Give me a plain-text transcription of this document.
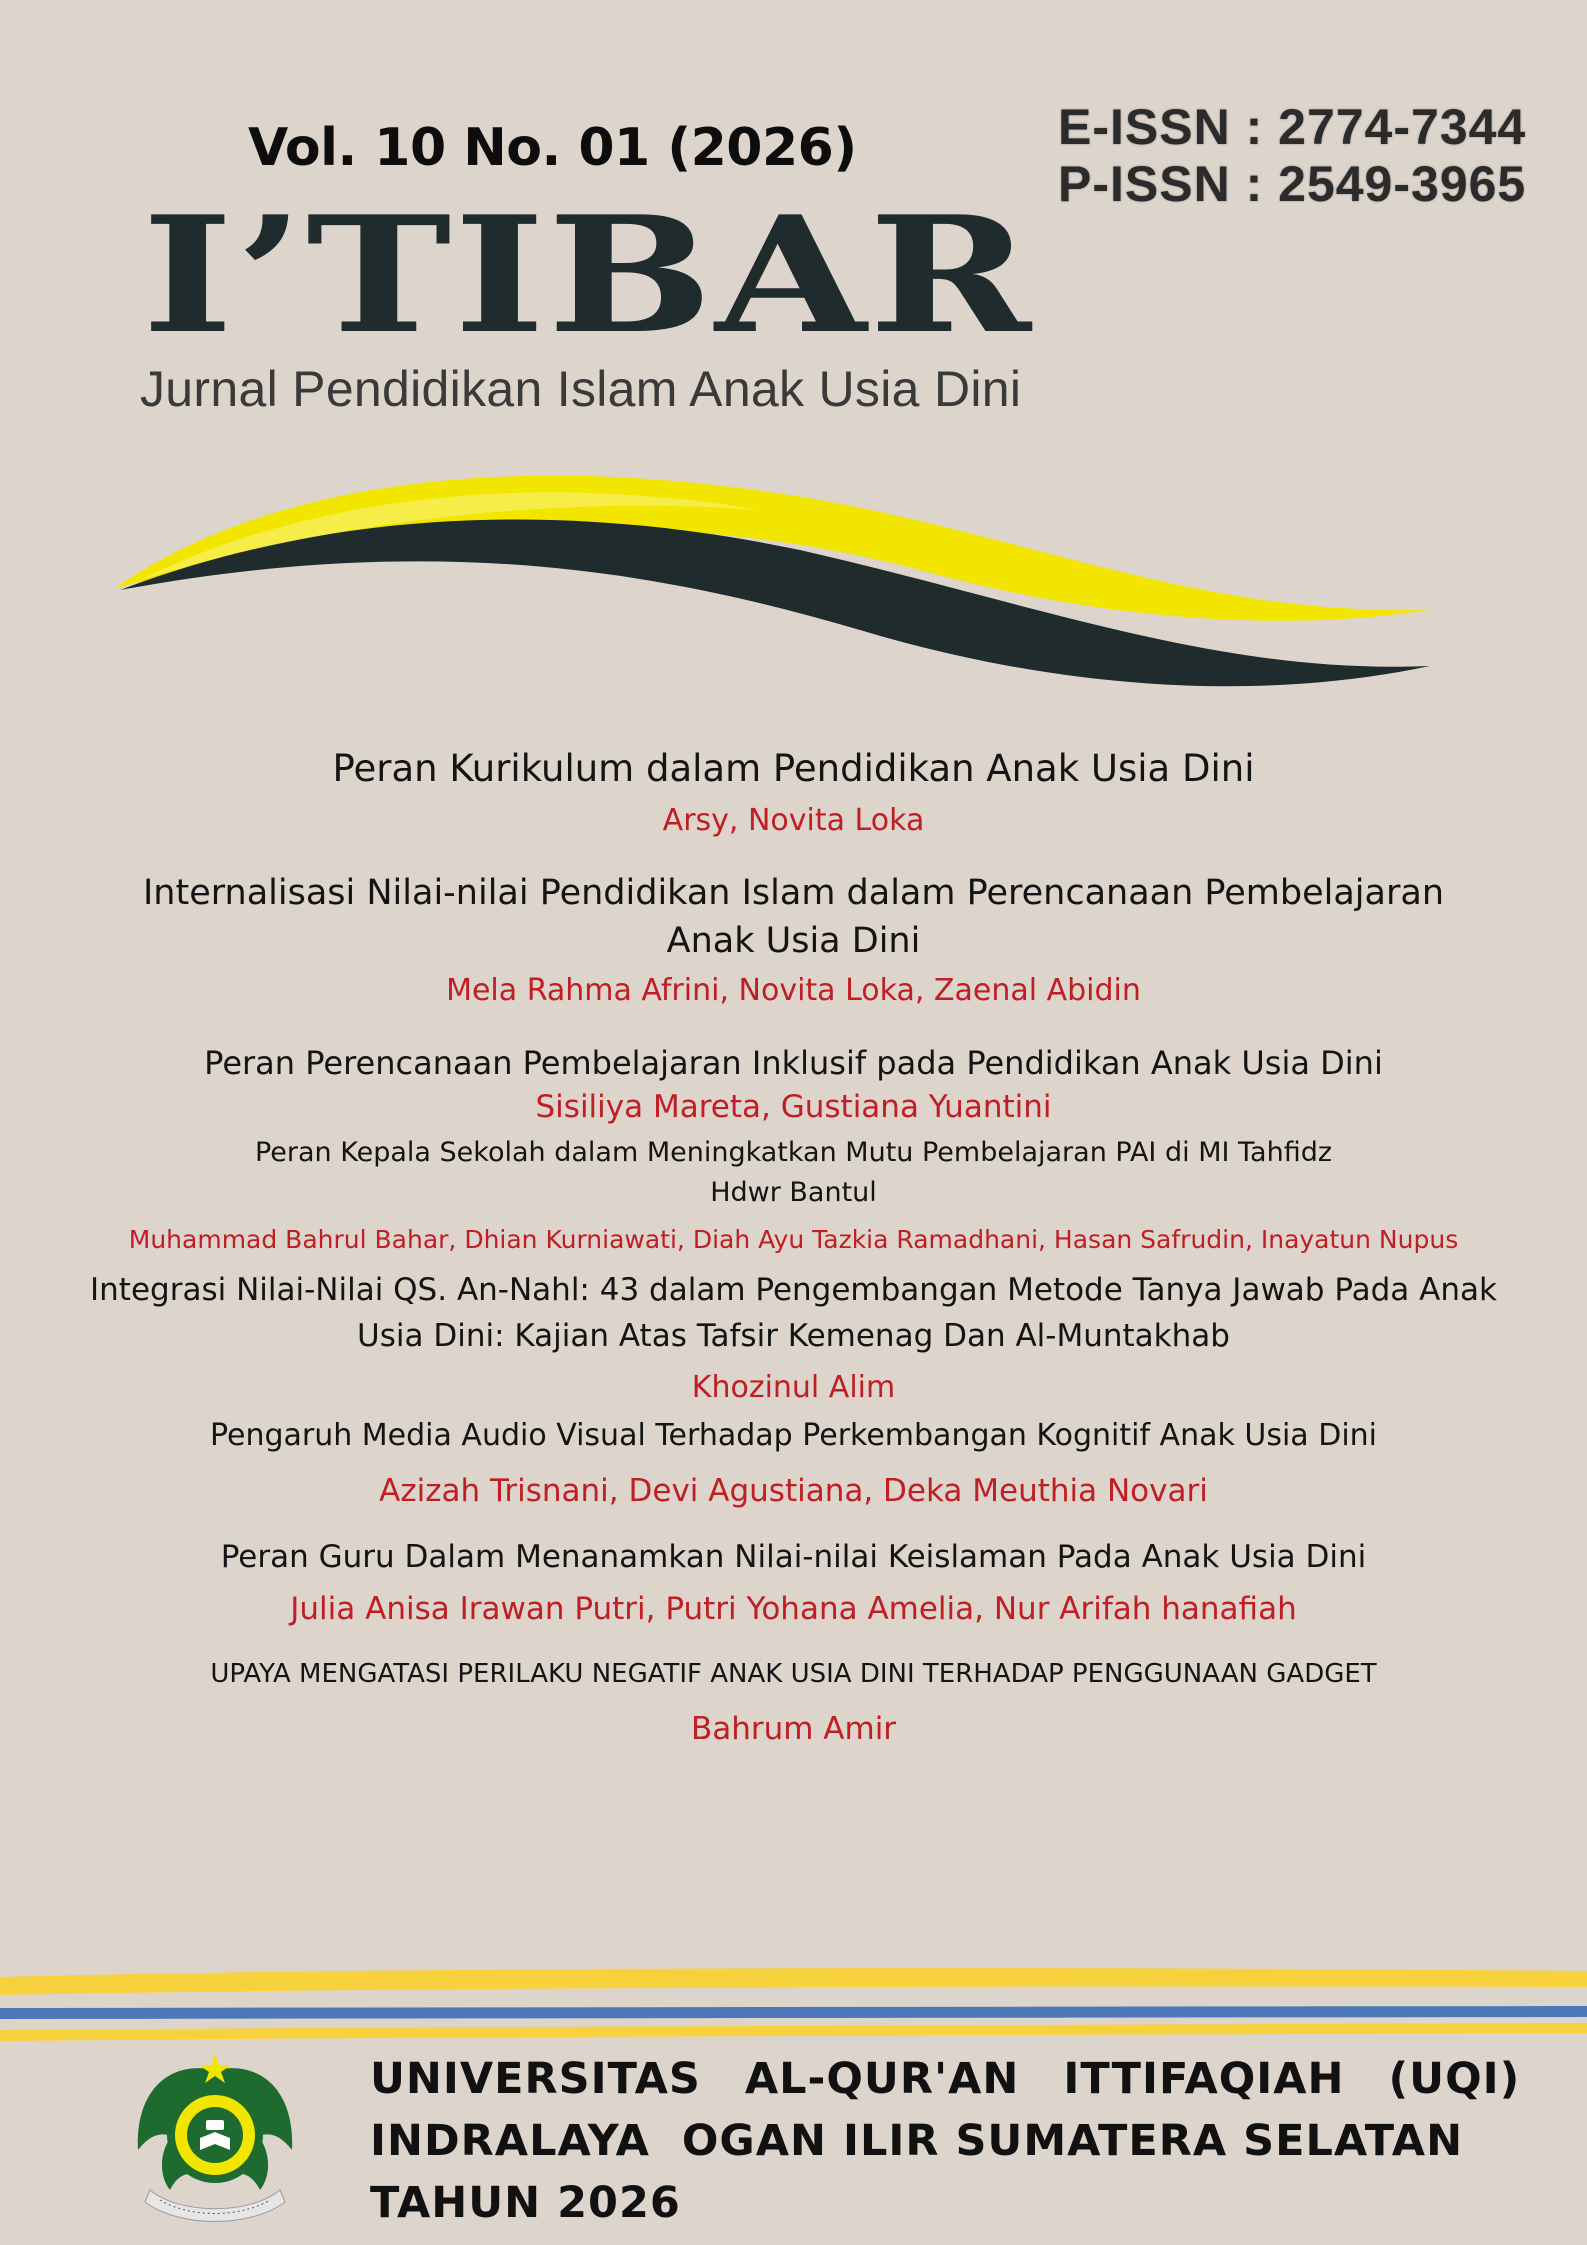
Vol. 10 No. 01 (2026)	E-ISSN : 2774-7344
P-ISSN : 2549-3965
I’TIBAR
Jurnal Pendidikan Islam Anak Usia Dini
Peran Kurikulum dalam Pendidikan Anak Usia Dini
Arsy, Novita Loka
Internalisasi Nilai-nilai Pendidikan Islam dalam Perencanaan Pembelajaran
Anak Usia Dini
Mela Rahma Afrini, Novita Loka, Zaenal Abidin
Peran Perencanaan Pembelajaran Inklusif pada Pendidikan Anak Usia Dini
Sisiliya Mareta, Gustiana Yuantini
Peran Kepala Sekolah dalam Meningkatkan Mutu Pembelajaran PAI di MI Tahfidz
Hdwr Bantul
Muhammad Bahrul Bahar, Dhian Kurniawati, Diah Ayu Tazkia Ramadhani, Hasan Safrudin, Inayatun Nupus
Integrasi Nilai-Nilai QS. An-Nahl: 43 dalam Pengembangan Metode Tanya Jawab Pada Anak
Usia Dini: Kajian Atas Tafsir Kemenag Dan Al-Muntakhab
Khozinul Alim
Pengaruh Media Audio Visual Terhadap Perkembangan Kognitif Anak Usia Dini
Azizah Trisnani, Devi Agustiana, Deka Meuthia Novari
Peran Guru Dalam Menanamkan Nilai-nilai Keislaman Pada Anak Usia Dini
Julia Anisa Irawan Putri, Putri Yohana Amelia, Nur Arifah hanafiah
UPAYA MENGATASI PERILAKU NEGATIF ANAK USIA DINI TERHADAP PENGGUNAAN GADGET
Bahrum Amir
UNIVERSITAS AL-QUR'AN ITTIFAQIAH (UQI)
INDRALAYA  OGAN ILIR SUMATERA SELATAN
TAHUN 2026
